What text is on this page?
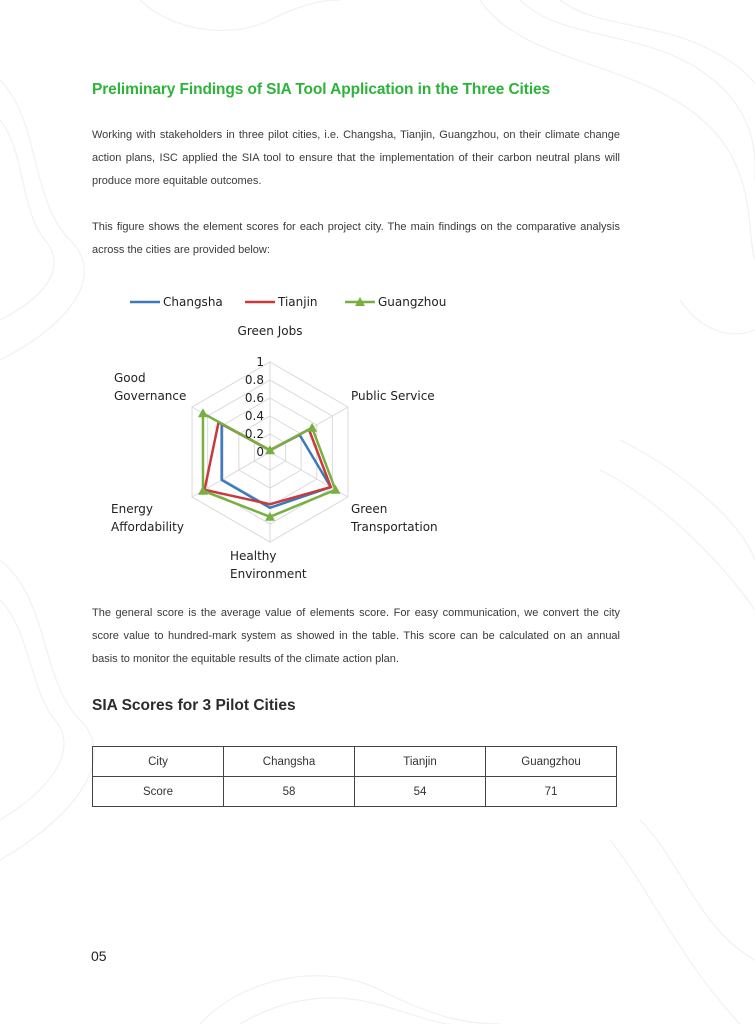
Preliminary Findings of SIA Tool Application in the Three Cities

Working with stakeholders in three pilot cities, i.e. Changsha, Tianjin, Guangzhou, on their climate change action plans, ISC applied the SIA tool to ensure that the implementation of their carbon neutral plans will produce more equitable outcomes.

This figure shows the element scores for each project city. The main findings on the comparative analysis across the cities are provided below:

0
0.2
0.4
0.6
0.8
1
Green Jobs
Public Service
Green
Transportation
Healthy
Environment
Energy
Affordability
Good
Governance
Changsha	Tianjin	Guangzhou

The general score is the average value of elements score. For easy communication, we convert the city score value to hundred-mark system as showed in the table. This score can be calculated on an annual basis to monitor the equitable results of the climate action plan.

SIA Scores for 3 Pilot Cities
City	Changsha	Tianjin	Guangzhou
Score	58	54	71

05
